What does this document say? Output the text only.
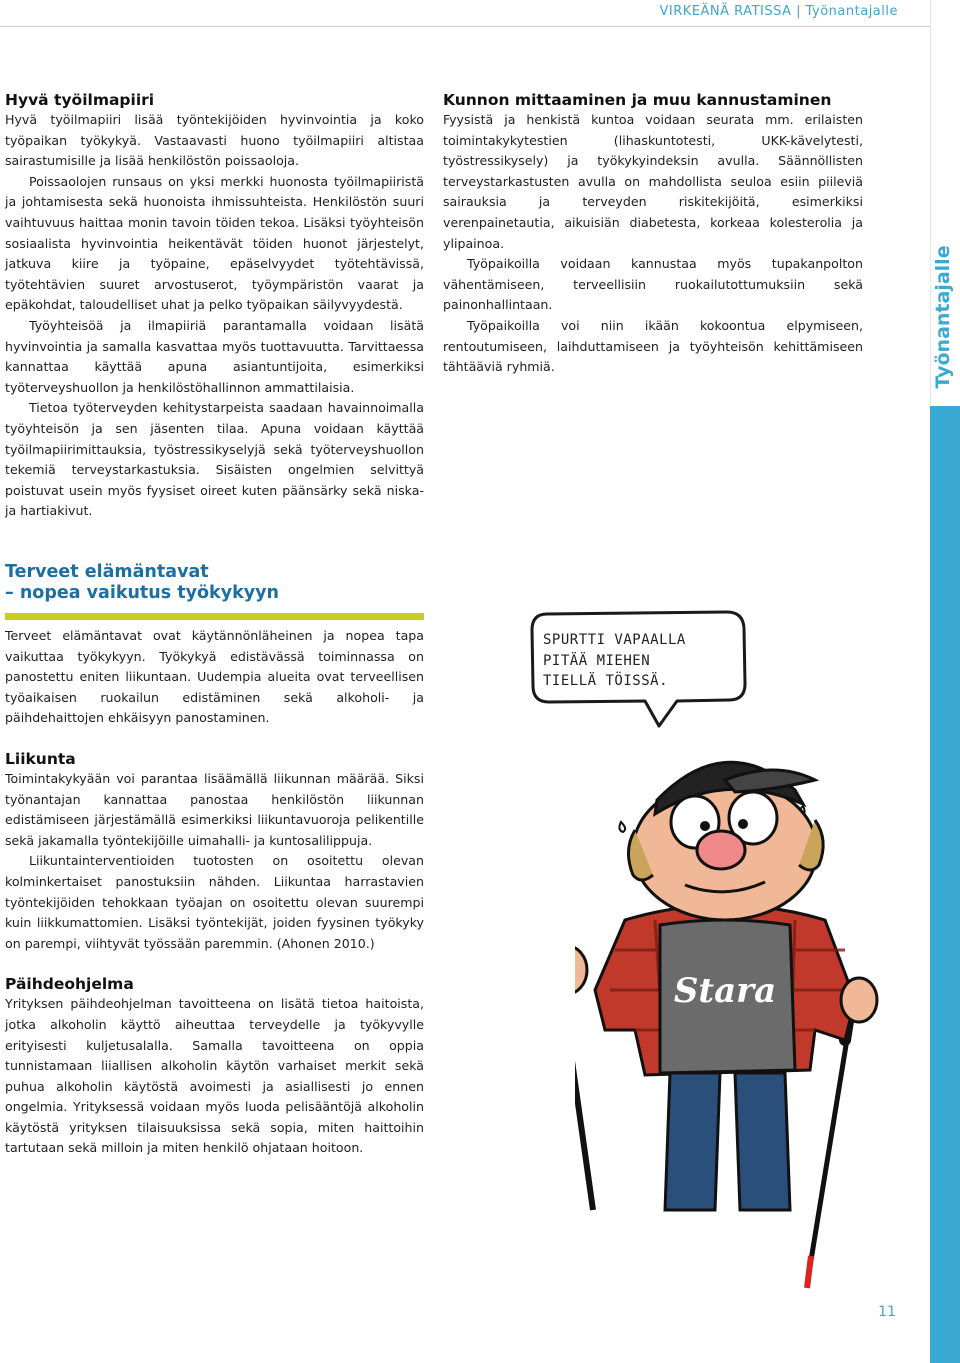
VIRKEÄNÄ RATISSA | Työnantajalle
Työnantajalle
Hyvä työilmapiiri

Hyvä työilmapiiri lisää työntekijöiden hyvinvointia ja koko työpaikan työkykyä. Vastaavasti huono työilmapiiri altistaa sairastumisille ja lisää henkilöstön poissaoloja.

Poissaolojen runsaus on yksi merkki huonosta työilmapiiristä ja johtamisesta sekä huonoista ihmissuhteista. Henkilöstön suuri vaihtuvuus haittaa monin tavoin töiden tekoa. Lisäksi työyhteisön sosiaalista hyvinvointia heikentävät töiden huonot järjestelyt, jatkuva kiire ja työpaine, epäselvyydet työtehtävissä, työtehtävien suuret arvostuserot, työympäristön vaarat ja epäkohdat, taloudelliset uhat ja pelko työpaikan säilyvyydestä.

Työyhteisöä ja ilmapiiriä parantamalla voidaan lisätä hyvinvointia ja samalla kasvattaa myös tuottavuutta. Tarvittaessa kannattaa käyttää apuna asiantuntijoita, esimerkiksi työterveyshuollon ja henkilöstöhallinnon ammattilaisia.

Tietoa työterveyden kehitystarpeista saadaan havainnoimalla työyhteisön ja sen jäsenten tilaa. Apuna voidaan käyttää työilmapiirimittauksia, työstressikyselyjä sekä työterveyshuollon tekemiä terveystarkastuksia. Sisäisten ongelmien selvittyä poistuvat usein myös fyysiset oireet kuten päänsärky sekä niska- ja hartiakivut.

Terveet elämäntavat
– nopea vaikutus työkykyyn

Terveet elämäntavat ovat käytännönläheinen ja nopea tapa vaikuttaa työkykyyn. Työkykyä edistävässä toiminnassa on panostettu eniten liikuntaan. Uudempia alueita ovat terveellisen työaikaisen ruokailun edistäminen sekä alkoholi- ja päihdehaittojen ehkäisyyn panostaminen.

Liikunta

Toimintakykyään voi parantaa lisäämällä liikunnan määrää. Siksi työnantajan kannattaa panostaa henkilöstön liikunnan edistämiseen järjestämällä esimerkiksi liikuntavuoroja pelikentille sekä jakamalla työntekijöille uimahalli- ja kuntosalilippuja.

Liikuntainterventioiden tuotosten on osoitettu olevan kolminkertaiset panostuksiin nähden. Liikuntaa harrastavien työntekijöiden tehokkaan työajan on osoitettu olevan suurempi kuin liikkumattomien. Lisäksi työntekijät, joiden fyysinen työkyky on parempi, viihtyvät työssään paremmin. (Ahonen 2010.)

Päihdeohjelma

Yrityksen päihdeohjelman tavoitteena on lisätä tietoa haitoista, jotka alkoholin käyttö aiheuttaa terveydelle ja työkyvylle erityisesti kuljetusalalla. Samalla tavoitteena on oppia tunnistamaan liiallisen alkoholin käytön varhaiset merkit sekä puhua alkoholin käytöstä avoimesti ja asiallisesti jo ennen ongelmia. Yrityksessä voidaan myös luoda pelisääntöjä alkoholin käytöstä yrityksen tilaisuuksissa sekä sopia, miten haittoihin tartutaan sekä milloin ja miten henkilö ohjataan hoitoon.

Kunnon mittaaminen ja muu kannustaminen

Fyysistä ja henkistä kuntoa voidaan seurata mm. erilaisten toimintakykytestien (lihaskuntotesti, UKK-kävelytesti, työstressikysely) ja työkykyindeksin avulla. Säännöllisten terveystarkastusten avulla on mahdollista seuloa esiin piileviä sairauksia ja terveyden riskitekijöitä, esimerkiksi verenpainetautia, aikuisiän diabetesta, korkeaa kolesterolia ja ylipainoa.

Työpaikoilla voidaan kannustaa myös tupakanpolton vähentämiseen, terveellisiin ruokailutottumuksiin sekä painonhallintaan.

Työpaikoilla voi niin ikään kokoontua elpymiseen, rentoutumiseen, laihduttamiseen ja työyhteisön kehittämiseen tähtääviä ryhmiä.

SPURTTI VAPAALLA
PITÄÄ MIEHEN
TIELLÄ TÖISSÄ.
Stara
11
